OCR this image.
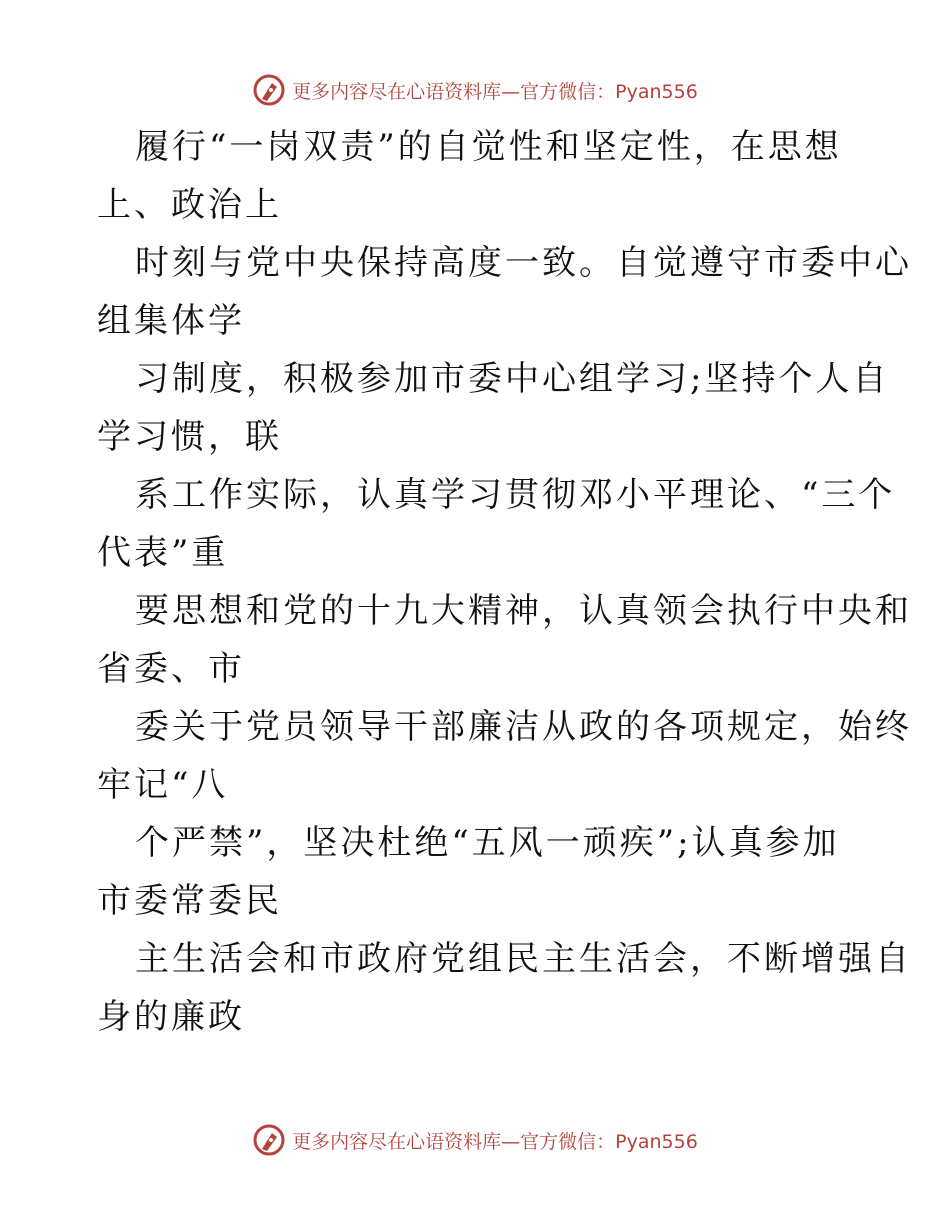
更多内容尽在心语资料库—官方微信：Pyan556

履行“一岗双责”的自觉性和坚定性，在思想
上、政治上

时刻与党中央保持高度一致。自觉遵守市委中心
组集体学

习制度，积极参加市委中心组学习;坚持个人自
学习惯，联

系工作实际，认真学习贯彻邓小平理论、“三个
代表”重

要思想和党的十九大精神，认真领会执行中央和
省委、市

委关于党员领导干部廉洁从政的各项规定，始终
牢记“八

个严禁”，坚决杜绝“五风一顽疾”;认真参加
市委常委民

主生活会和市政府党组民主生活会，不断增强自
身的廉政

更多内容尽在心语资料库—官方微信：Pyan556
